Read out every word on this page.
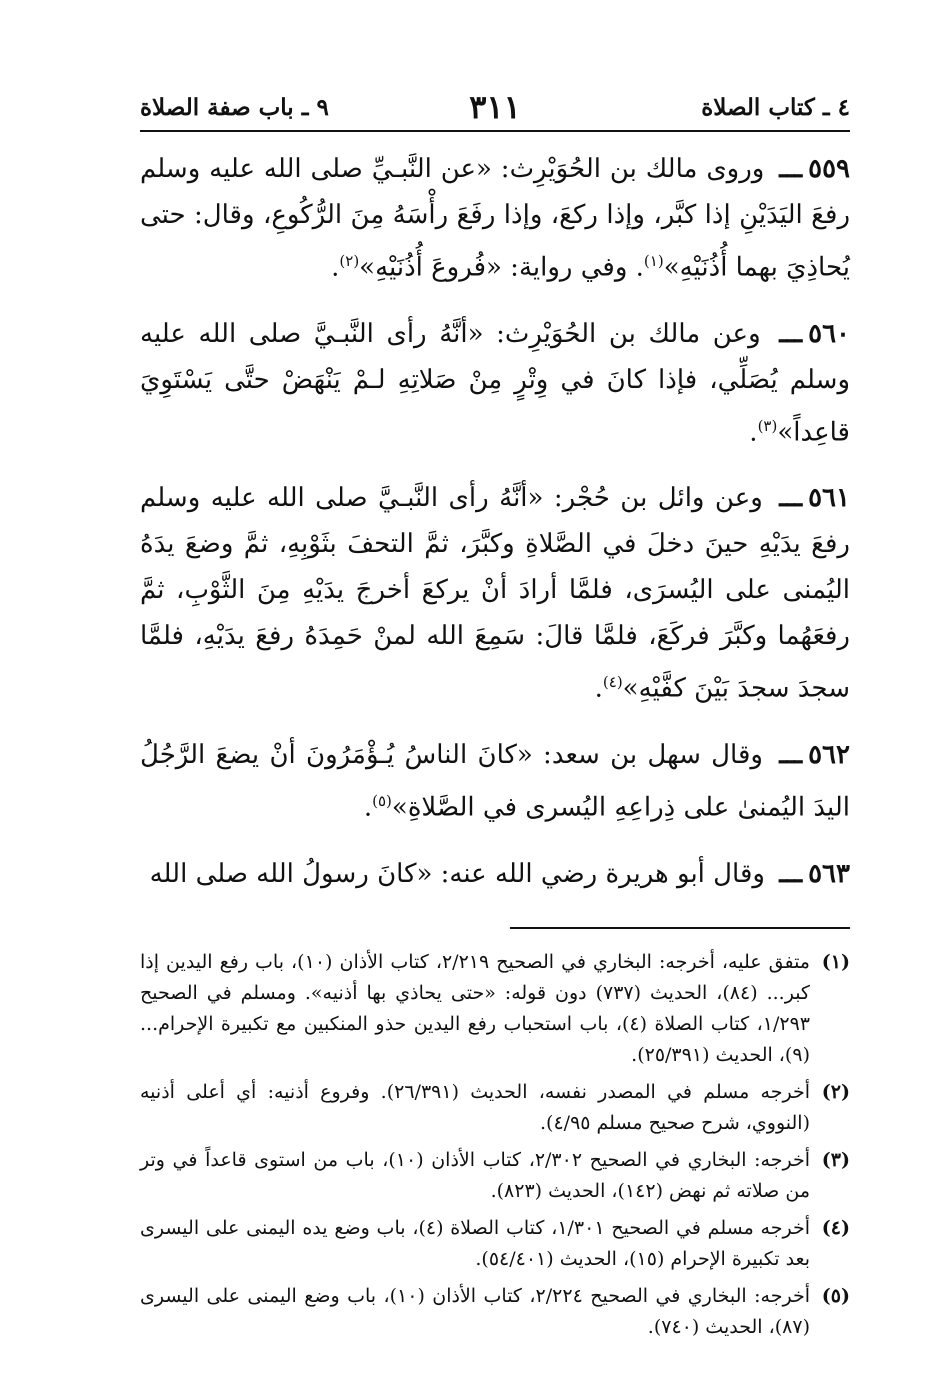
٤ ـ كتاب الصلاة
٣١١
٩ ـ باب صفة الصلاة

٥٥٩ـــ وروى مالك بن الحُوَيْرِث: «عن النَّبـيِّ صلى الله عليه وسلم رفعَ اليَدَيْنِ إذا كبَّر، وإذا ركعَ، وإذا رفَعَ رأْسَهُ مِنَ الرُّكُوعِ، وقال: حتى يُحاذِيَ بهما أُذُنَيْهِ»$^{(١)}$. وفي رواية: «فُروعَ أُذُنَيْهِ»$^{(٢)}$.

٥٦٠ـــ وعن مالك بن الحُوَيْرِث: «أنَّهُ رأى النَّبـيَّ صلى الله عليه وسلم يُصَلِّي، فإذا كانَ في وِتْرٍ مِنْ صَلاتِهِ لـمْ يَنْهَضْ حتَّى يَسْتَوِيَ قاعِداً»$^{(٣)}$.

٥٦١ـــ وعن وائل بن حُجْر: «أنَّهُ رأى النَّبـيَّ صلى الله عليه وسلم رفعَ يدَيْهِ حينَ دخلَ في الصَّلاةِ وكبَّرَ، ثمَّ التحفَ بثَوْبِهِ، ثمَّ وضعَ يدَهُ اليُمنى على اليُسرَى، فلمَّا أرادَ أنْ يركعَ أخرجَ يدَيْهِ مِنَ الثَّوْبِ، ثمَّ رفعَهُما وكبَّرَ فركَعَ، فلمَّا قالَ: سَمِعَ الله لمنْ حَمِدَهُ رفعَ يدَيْهِ، فلمَّا سجدَ سجدَ بَيْنَ كفَّيْهِ»$^{(٤)}$.

٥٦٢ـــ وقال سهل بن سعد: «كانَ الناسُ يُـؤْمَرُونَ أنْ يضعَ الرَّجُلُ اليدَ اليُمنىٰ على ذِراعِهِ اليُسرى في الصَّلاةِ»$^{(٥)}$.

٥٦٣ـــ وقال أبو هريرة رضي الله عنه: «كانَ رسولُ الله صلى الله

(١)
متفق عليه، أخرجه: البخاري في الصحيح ٢/٢١٩، كتاب الأذان (١٠)، باب رفع اليدين إذا كبر... (٨٤)، الحديث (٧٣٧) دون قوله: «حتى يحاذي بها أذنيه». ومسلم في الصحيح ١/٢٩٣، كتاب الصلاة (٤)، باب استحباب رفع اليدين حذو المنكبين مع تكبيرة الإحرام... (٩)، الحديث (٢٥/٣٩١).
(٢)
أخرجه مسلم في المصدر نفسه، الحديث (٢٦/٣٩١). وفروع أذنيه: أي أعلى أذنيه (النووي، شرح صحيح مسلم ٤/٩٥).
(٣)
أخرجه: البخاري في الصحيح ٢/٣٠٢، كتاب الأذان (١٠)، باب من استوى قاعداً في وتر من صلاته ثم نهض (١٤٢)، الحديث (٨٢٣).
(٤)
أخرجه مسلم في الصحيح ١/٣٠١، كتاب الصلاة (٤)، باب وضع يده اليمنى على اليسرى بعد تكبيرة الإحرام (١٥)، الحديث (٥٤/٤٠١).
(٥)
أخرجه: البخاري في الصحيح ٢/٢٢٤، كتاب الأذان (١٠)، باب وضع اليمنى على اليسرى (٨٧)، الحديث (٧٤٠).
